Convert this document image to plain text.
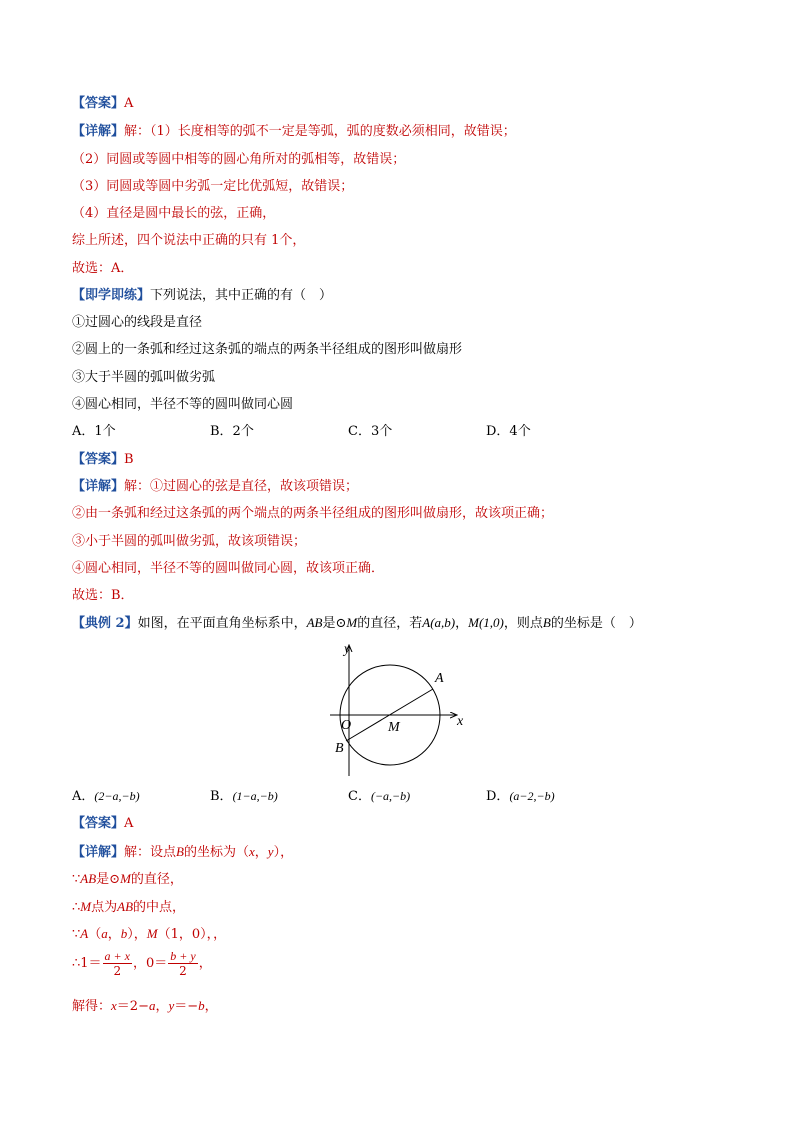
【答案】A
【详解】解：（1）长度相等的弧不一定是等弧，弧的度数必须相同，故错误；
（2）同圆或等圆中相等的圆心角所对的弧相等，故错误；
（3）同圆或等圆中劣弧一定比优弧短，故错误；
（4）直径是圆中最长的弦，正确，
综上所述，四个说法中正确的只有 1个，
故选：A．
【即学即练】下列说法，其中正确的有（　）
①过圆心的线段是直径
②圆上的一条弧和经过这条弧的端点的两条半径组成的图形叫做扇形
③大于半圆的弧叫做劣弧
④圆心相同，半径不等的圆叫做同心圆
A．1个	B．2个	C．3个	D．4个
【答案】B
【详解】解：①过圆心的弦是直径，故该项错误；
②由一条弧和经过这条弧的两个端点的两条半径组成的图形叫做扇形，故该项正确；
③小于半圆的弧叫做劣弧，故该项错误；
④圆心相同，半径不等的圆叫做同心圆，故该项正确．
故选：B．
【典例 2】如图，在平面直角坐标系中，AB是⊙M的直径，若A(a,b)，M(1,0)，则点B的坐标是（　）
y
x
O
A
B
M
A．(2−a,−b)	B．(1−a,−b)	C．(−a,−b)	D．(a−2,−b)
【答案】A
【详解】解：设点B的坐标为（x，y），
∵AB是⊙M的直径，
∴M点为AB的中点，
∵A（a，b），M（1，0），，
∴1＝ $\frac{a + x}{2}$ ，$0= \frac{b + y}{2}$ ，
解得：x＝2−a，y＝−b，
